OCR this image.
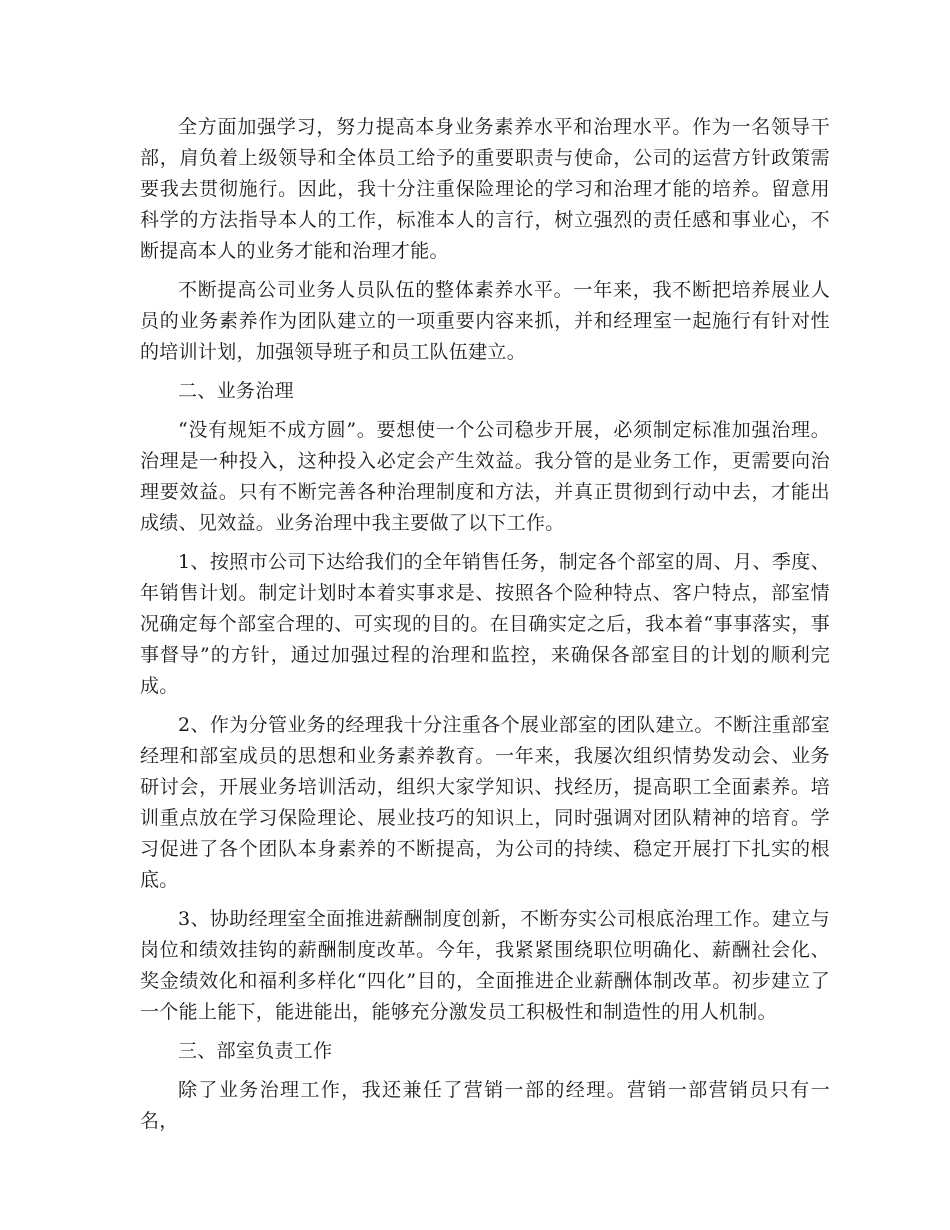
全方面加强学习，努力提高本身业务素养水平和治理水平。作为一名领导干部，肩负着上级领导和全体员工给予的重要职责与使命，公司的运营方针政策需要我去贯彻施行。因此，我十分注重保险理论的学习和治理才能的培养。留意用科学的方法指导本人的工作，标准本人的言行，树立强烈的责任感和事业心，不断提高本人的业务才能和治理才能。

不断提高公司业务人员队伍的整体素养水平。一年来，我不断把培养展业人员的业务素养作为团队建立的一项重要内容来抓，并和经理室一起施行有针对性的培训计划，加强领导班子和员工队伍建立。

二、业务治理

“没有规矩不成方圆”。要想使一个公司稳步开展，必须制定标准加强治理。治理是一种投入，这种投入必定会产生效益。我分管的是业务工作，更需要向治理要效益。只有不断完善各种治理制度和方法，并真正贯彻到行动中去，才能出成绩、见效益。业务治理中我主要做了以下工作。

1、按照市公司下达给我们的全年销售任务，制定各个部室的周、月、季度、年销售计划。制定计划时本着实事求是、按照各个险种特点、客户特点，部室情况确定每个部室合理的、可实现的目的。在目确实定之后，我本着“事事落实，事事督导”的方针，通过加强过程的治理和监控，来确保各部室目的计划的顺利完成。

2、作为分管业务的经理我十分注重各个展业部室的团队建立。不断注重部室经理和部室成员的思想和业务素养教育。一年来，我屡次组织情势发动会、业务研讨会，开展业务培训活动，组织大家学知识、找经历，提高职工全面素养。培训重点放在学习保险理论、展业技巧的知识上，同时强调对团队精神的培育。学习促进了各个团队本身素养的不断提高，为公司的持续、稳定开展打下扎实的根底。

3、协助经理室全面推进薪酬制度创新，不断夯实公司根底治理工作。建立与岗位和绩效挂钩的薪酬制度改革。今年，我紧紧围绕职位明确化、薪酬社会化、奖金绩效化和福利多样化“四化”目的，全面推进企业薪酬体制改革。初步建立了一个能上能下，能进能出，能够充分激发员工积极性和制造性的用人机制。

三、部室负责工作

除了业务治理工作，我还兼任了营销一部的经理。营销一部营销员只有一名，
